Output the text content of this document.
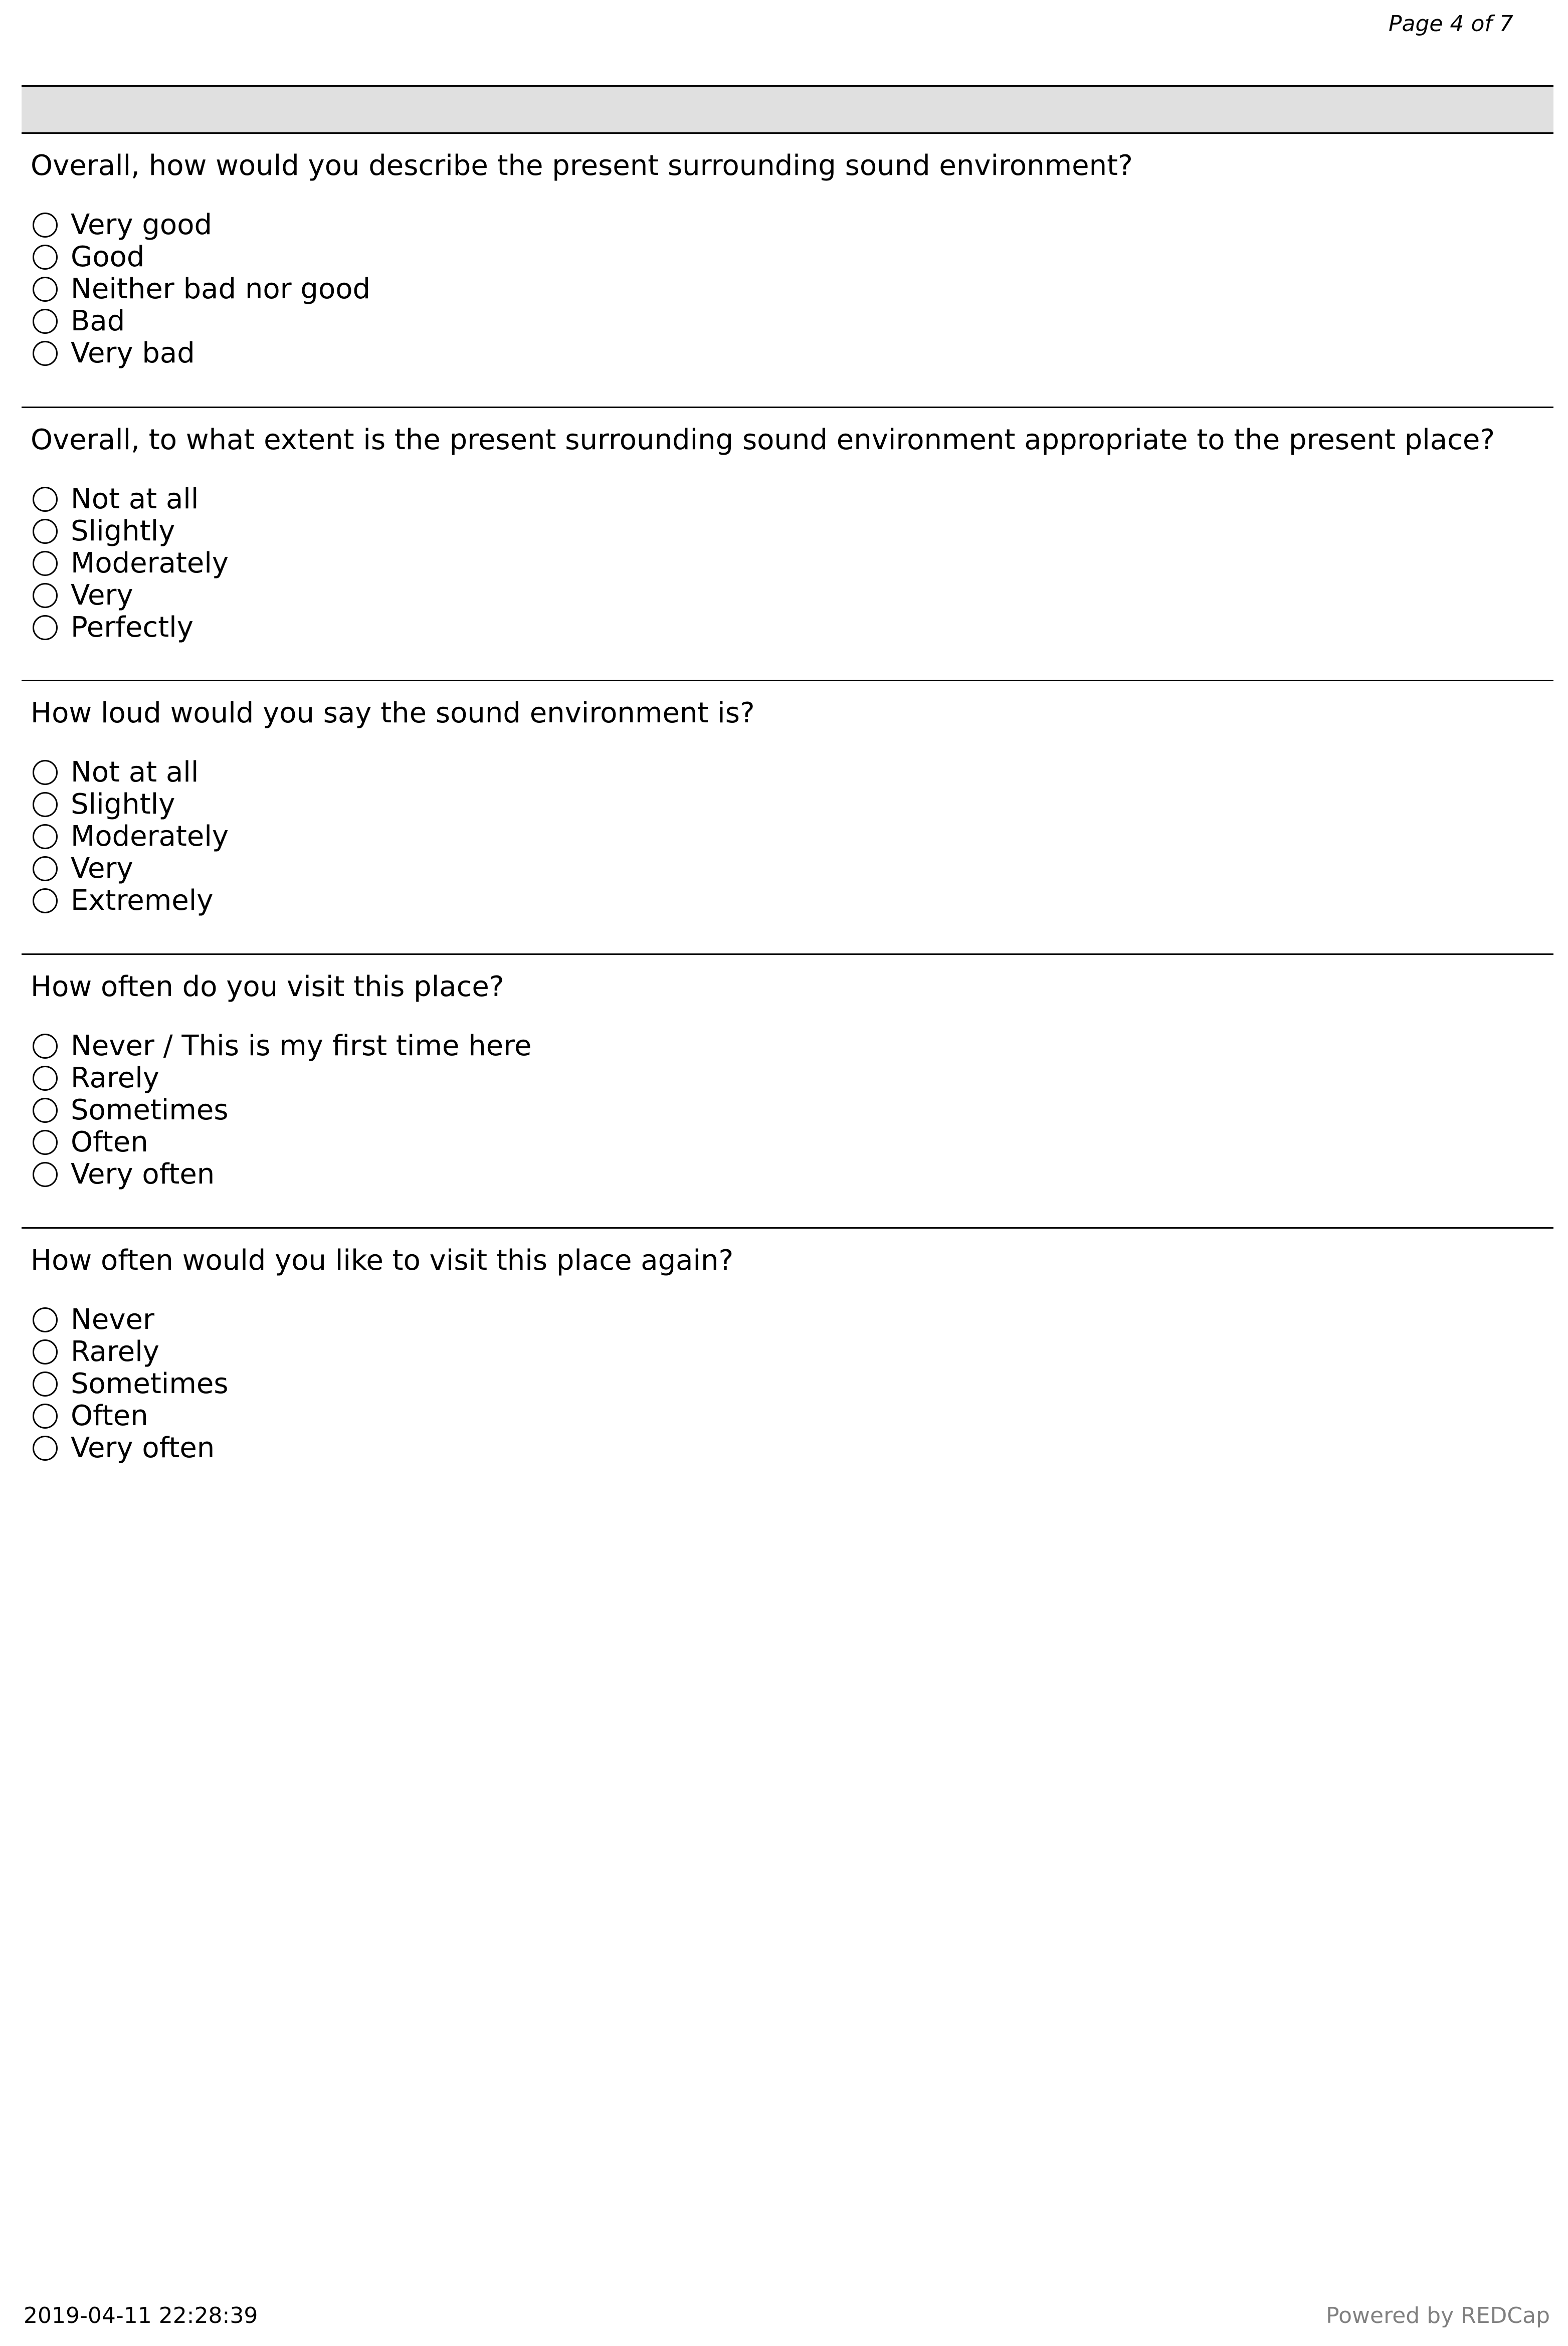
Page 4 of 7
Overall, how would you describe the present surrounding sound environment?
Very good
Good
Neither bad nor good
Bad
Very bad
Overall, to what extent is the present surrounding sound environment appropriate to the present place?
Not at all
Slightly
Moderately
Very
Perfectly
How loud would you say the sound environment is?
Not at all
Slightly
Moderately
Very
Extremely
How often do you visit this place?
Never / This is my first time here
Rarely
Sometimes
Often
Very often
How often would you like to visit this place again?
Never
Rarely
Sometimes
Often
Very often
2019-04-11 22:28:39	Powered by REDCap
